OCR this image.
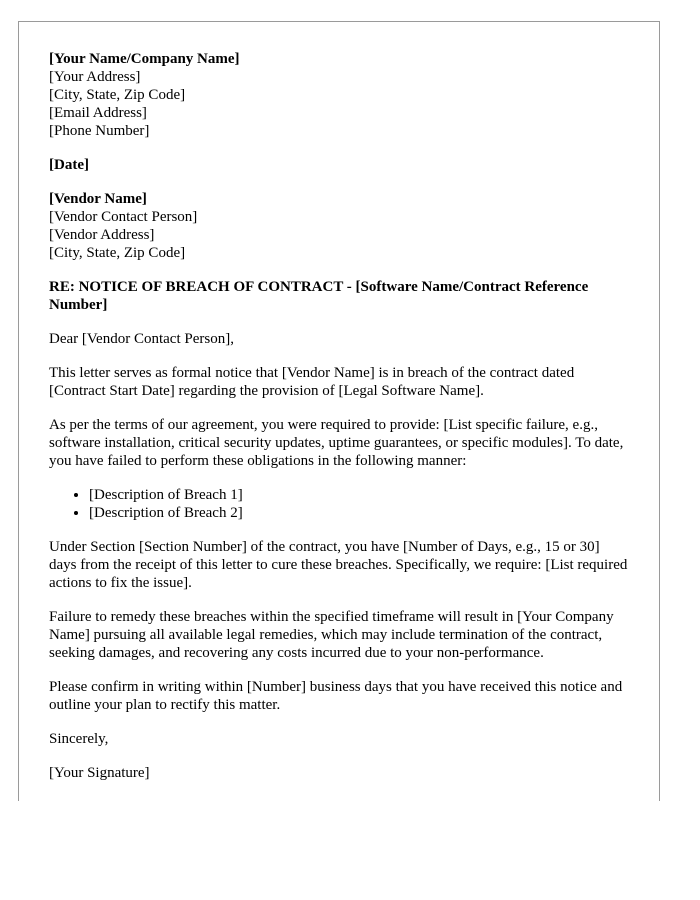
[Your Name/Company Name]
[Your Address]
[City, State, Zip Code]
[Email Address]
[Phone Number]
[Date]
[Vendor Name]
[Vendor Contact Person]
[Vendor Address]
[City, State, Zip Code]

RE: NOTICE OF BREACH OF CONTRACT - [Software Name/Contract Reference Number]

Dear [Vendor Contact Person],

This letter serves as formal notice that [Vendor Name] is in breach of the contract dated [Contract Start Date] regarding the provision of [Legal Software Name].

As per the terms of our agreement, you were required to provide: [List specific failure, e.g., software installation, critical security updates, uptime guarantees, or specific modules]. To date, you have failed to perform these obligations in the following manner:

• [Description of Breach 1]
• [Description of Breach 2]

Under Section [Section Number] of the contract, you have [Number of Days, e.g., 15 or 30] days from the receipt of this letter to cure these breaches. Specifically, we require: [List required actions to fix the issue].

Failure to remedy these breaches within the specified timeframe will result in [Your Company Name] pursuing all available legal remedies, which may include termination of the contract, seeking damages, and recovering any costs incurred due to your non-performance.

Please confirm in writing within [Number] business days that you have received this notice and outline your plan to rectify this matter.

Sincerely,

[Your Signature]
